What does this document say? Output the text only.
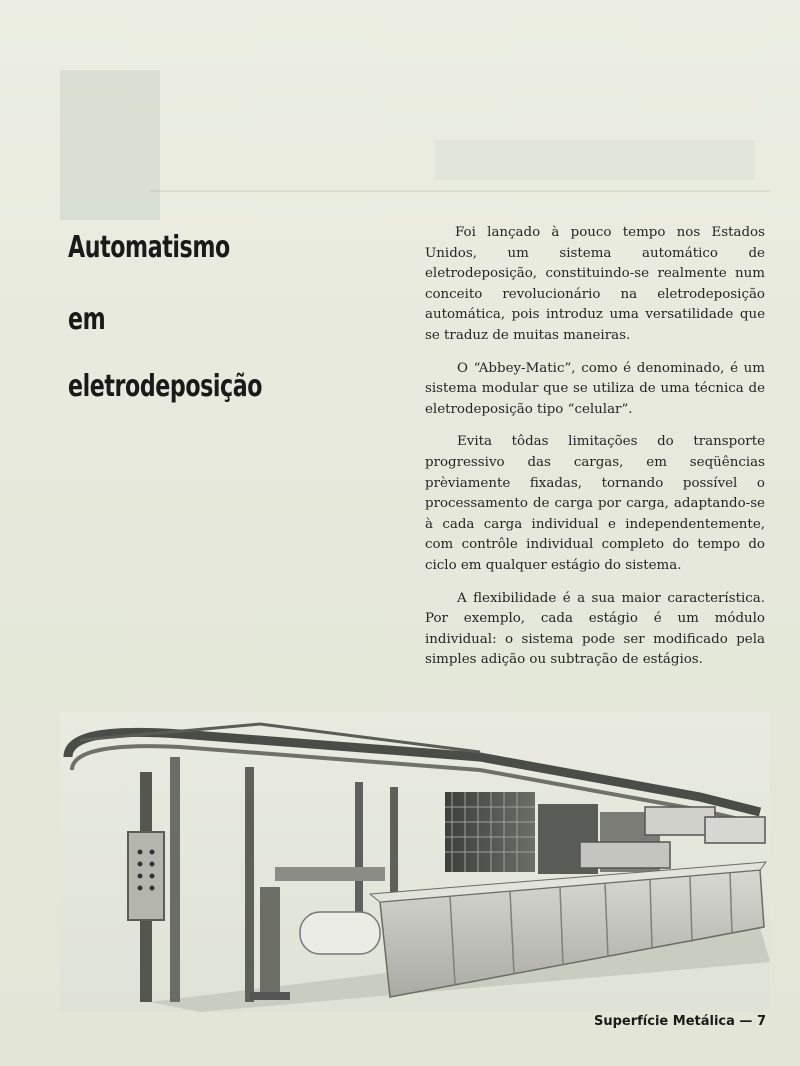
Automatismo
em
eletrodeposição

Foi lançado à pouco tempo nos Estados Unidos, um sistema automático de eletrodeposição, constituindo-se realmente num conceito revolucionário na eletrodeposição automática, pois introduz uma versatilidade que se traduz de muitas maneiras.

O “Abbey-Matic”, como é denominado, é um sistema modular que se utiliza de uma técnica de eletrodeposição tipo “celular”.

Evita tôdas limitações do transporte progressivo das cargas, em seqüências prèviamente fixadas, tornando possível o processamento de carga por carga, adaptando-se à cada carga individual e independentemente, com contrôle individual completo do tempo do ciclo em qualquer estágio do sistema.

A flexibilidade é a sua maior característica. Por exemplo, cada estágio é um módulo individual: o sistema pode ser modificado pela simples adição ou subtração de estágios.

Superfície Metálica — 7
